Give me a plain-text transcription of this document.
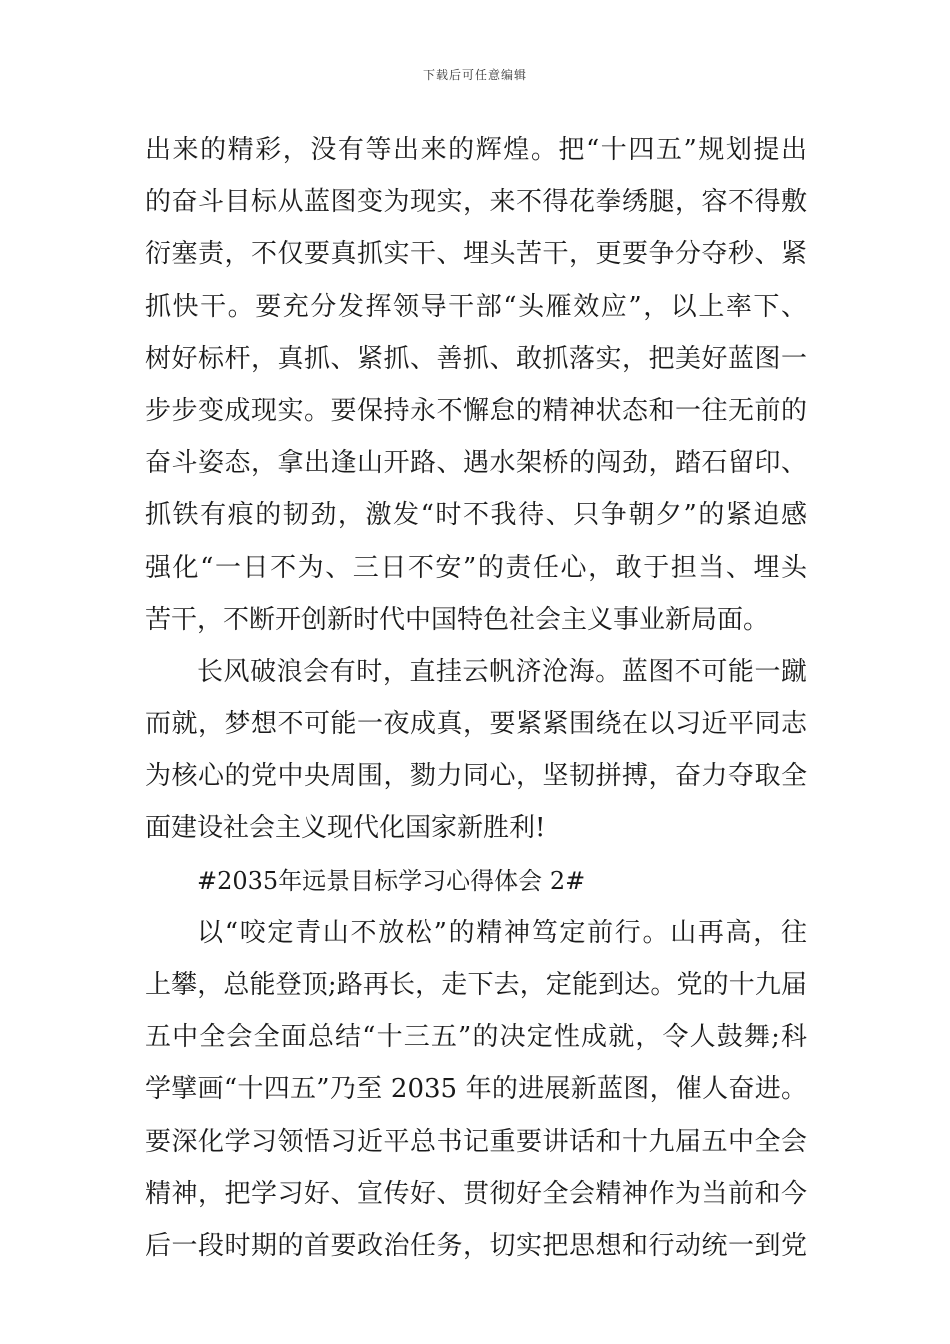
下载后可任意编辑
出来的精彩，没有等出来的辉煌。把“十四五”规划提出
的奋斗目标从蓝图变为现实，来不得花拳绣腿，容不得敷
衍塞责，不仅要真抓实干、埋头苦干，更要争分夺秒、紧
抓快干。要充分发挥领导干部“头雁效应”，以上率下、
树好标杆，真抓、紧抓、善抓、敢抓落实，把美好蓝图一
步步变成现实。要保持永不懈怠的精神状态和一往无前的
奋斗姿态，拿出逢山开路、遇水架桥的闯劲，踏石留印、
抓铁有痕的韧劲，激发“时不我待、只争朝夕”的紧迫感
强化“一日不为、三日不安”的责任心，敢于担当、埋头
苦干，不断开创新时代中国特色社会主义事业新局面。
长风破浪会有时，直挂云帆济沧海。蓝图不可能一蹴
而就，梦想不可能一夜成真，要紧紧围绕在以习近平同志
为核心的党中央周围，勠力同心，坚韧拼搏，奋力夺取全
面建设社会主义现代化国家新胜利!
#2035年远景目标学习心得体会 2#
以“咬定青山不放松”的精神笃定前行。山再高，往
上攀，总能登顶;路再长，走下去，定能到达。党的十九届
五中全会全面总结“十三五”的决定性成就，令人鼓舞;科
学擘画“十四五”乃至 2035 年的进展新蓝图，催人奋进。
要深化学习领悟习近平总书记重要讲话和十九届五中全会
精神，把学习好、宣传好、贯彻好全会精神作为当前和今
后一段时期的首要政治任务，切实把思想和行动统一到党
